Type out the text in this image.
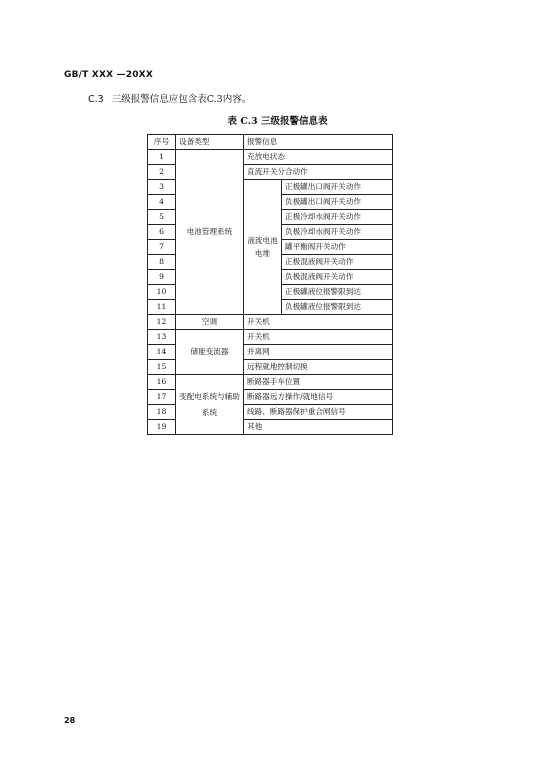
GB/T XXX —20XX
C.3 三级报警信息应包含表C.3内容。
表 C.3 三级报警信息表
序号	设备类型	报警信息	
1	电池管理系统	充放电状态	
2		直流开关分合动作	
3		液流电池电堆	正极罐出口阀开关动作
4			负极罐出口阀开关动作
5			正极冷却水阀开关动作
6			负极冷却水阀开关动作
7			罐平衡阀开关动作
8			正极混液阀开关动作
9			负极混液阀开关动作
10			正极罐液位报警限到达
11			负极罐液位报警限到达
12	空调	开关机	
13	储能变流器	开关机	
14		并离网	
15		远程就地控制切换	
16	变配电系统与辅助系统	断路器手车位置	
17		断路器远方操作/就地信号	
18		线路、断路器保护重合闸信号	
19		其他	
28
